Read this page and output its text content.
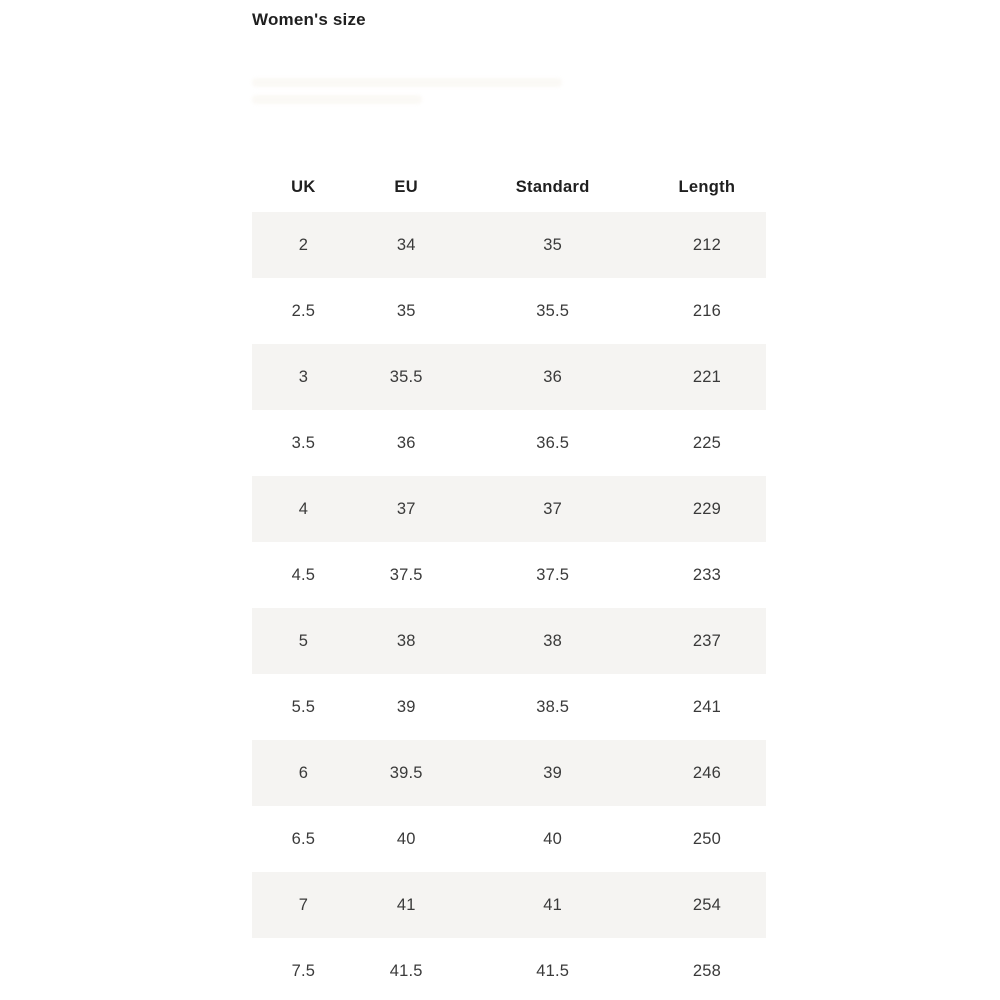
Women's size
UK	EU	Standard	Length
2	34	35	212
2.5	35	35.5	216
3	35.5	36	221
3.5	36	36.5	225
4	37	37	229
4.5	37.5	37.5	233
5	38	38	237
5.5	39	38.5	241
6	39.5	39	246
6.5	40	40	250
7	41	41	254
7.5	41.5	41.5	258
